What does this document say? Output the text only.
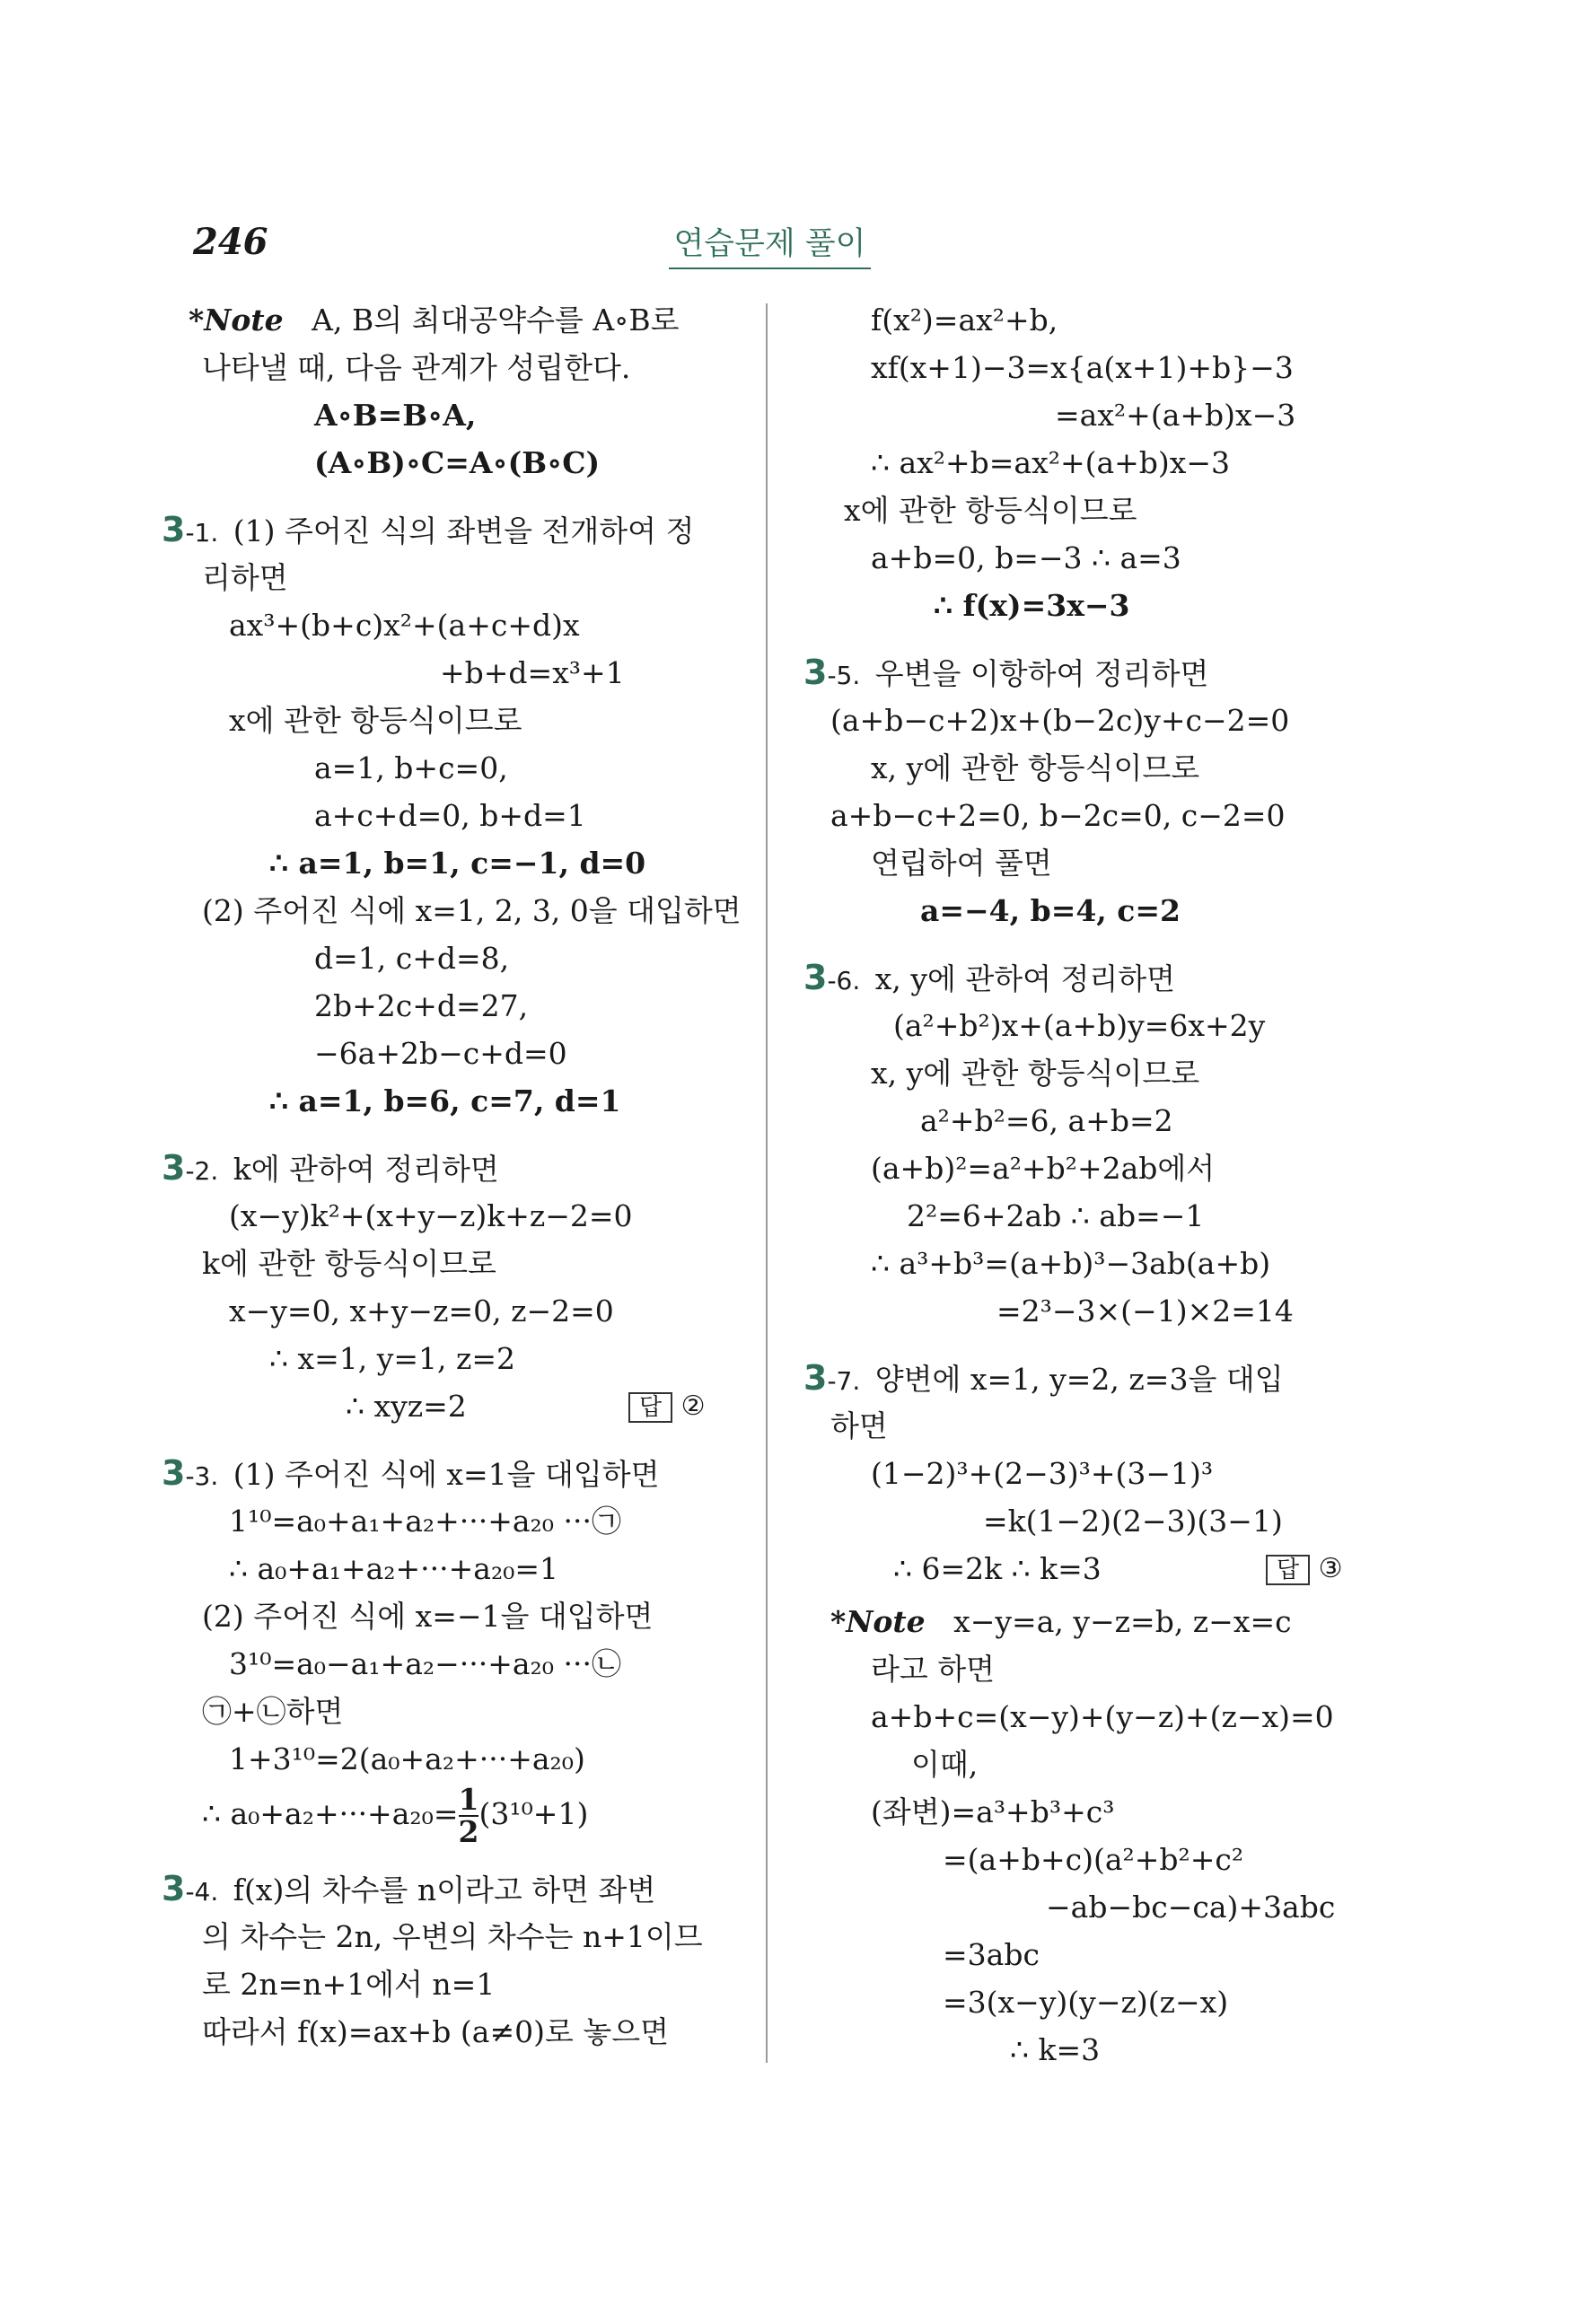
246	연습문제 풀이
*Note A, B의 최대공약수를 A∘B로
나타낼 때, 다음 관계가 성립한다.
A∘B=B∘A,
(A∘B)∘C=A∘(B∘C)
3-1. (1) 주어진 식의 좌변을 전개하여 정
리하면
ax³+(b+c)x²+(a+c+d)x
+b+d=x³+1
x에 관한 항등식이므로
a=1, b+c=0,
a+c+d=0, b+d=1
∴ a=1, b=1, c=−1, d=0
(2) 주어진 식에 x=1, 2, 3, 0을 대입하면
d=1, c+d=8,
2b+2c+d=27,
−6a+2b−c+d=0
∴ a=1, b=6, c=7, d=1
3-2. k에 관하여 정리하면
(x−y)k²+(x+y−z)k+z−2=0
k에 관한 항등식이므로
x−y=0, x+y−z=0, z−2=0
∴ x=1, y=1, z=2
∴ xyz=2	답 ②
3-3. (1) 주어진 식에 x=1을 대입하면
1¹⁰=a₀+a₁+a₂+···+a₂₀ ···㉠
∴ a₀+a₁+a₂+···+a₂₀=1
(2) 주어진 식에 x=−1을 대입하면
3¹⁰=a₀−a₁+a₂−···+a₂₀ ···㉡
㉠+㉡하면
1+3¹⁰=2(a₀+a₂+···+a₂₀)
∴ $a_0+a_2+\cdot\cdot\cdot+a_{20}= \frac{1}{2} (3^{10}+1)$
3-4. f(x)의 차수를 n이라고 하면 좌변
의 차수는 2n, 우변의 차수는 n+1이므
로 2n=n+1에서 n=1
따라서 f(x)=ax+b (a≠0)로 놓으면
f(x²)=ax²+b,
xf(x+1)−3=x{a(x+1)+b}−3
=ax²+(a+b)x−3
∴ ax²+b=ax²+(a+b)x−3
x에 관한 항등식이므로
a+b=0, b=−3 ∴ a=3
∴ f(x)=3x−3
3-5. 우변을 이항하여 정리하면
(a+b−c+2)x+(b−2c)y+c−2=0
x, y에 관한 항등식이므로
a+b−c+2=0, b−2c=0, c−2=0
연립하여 풀면
a=−4, b=4, c=2
3-6. x, y에 관하여 정리하면
(a²+b²)x+(a+b)y=6x+2y
x, y에 관한 항등식이므로
a²+b²=6, a+b=2
(a+b)²=a²+b²+2ab에서
2²=6+2ab ∴ ab=−1
∴ a³+b³=(a+b)³−3ab(a+b)
=2³−3×(−1)×2=14
3-7. 양변에 x=1, y=2, z=3을 대입
하면
(1−2)³+(2−3)³+(3−1)³
=k(1−2)(2−3)(3−1)
∴ 6=2k ∴ k=3	답 ③
*Note x−y=a, y−z=b, z−x=c
라고 하면
a+b+c=(x−y)+(y−z)+(z−x)=0
이때,
(좌변)=a³+b³+c³
=(a+b+c)(a²+b²+c²
−ab−bc−ca)+3abc
=3abc
=3(x−y)(y−z)(z−x)
∴ k=3
